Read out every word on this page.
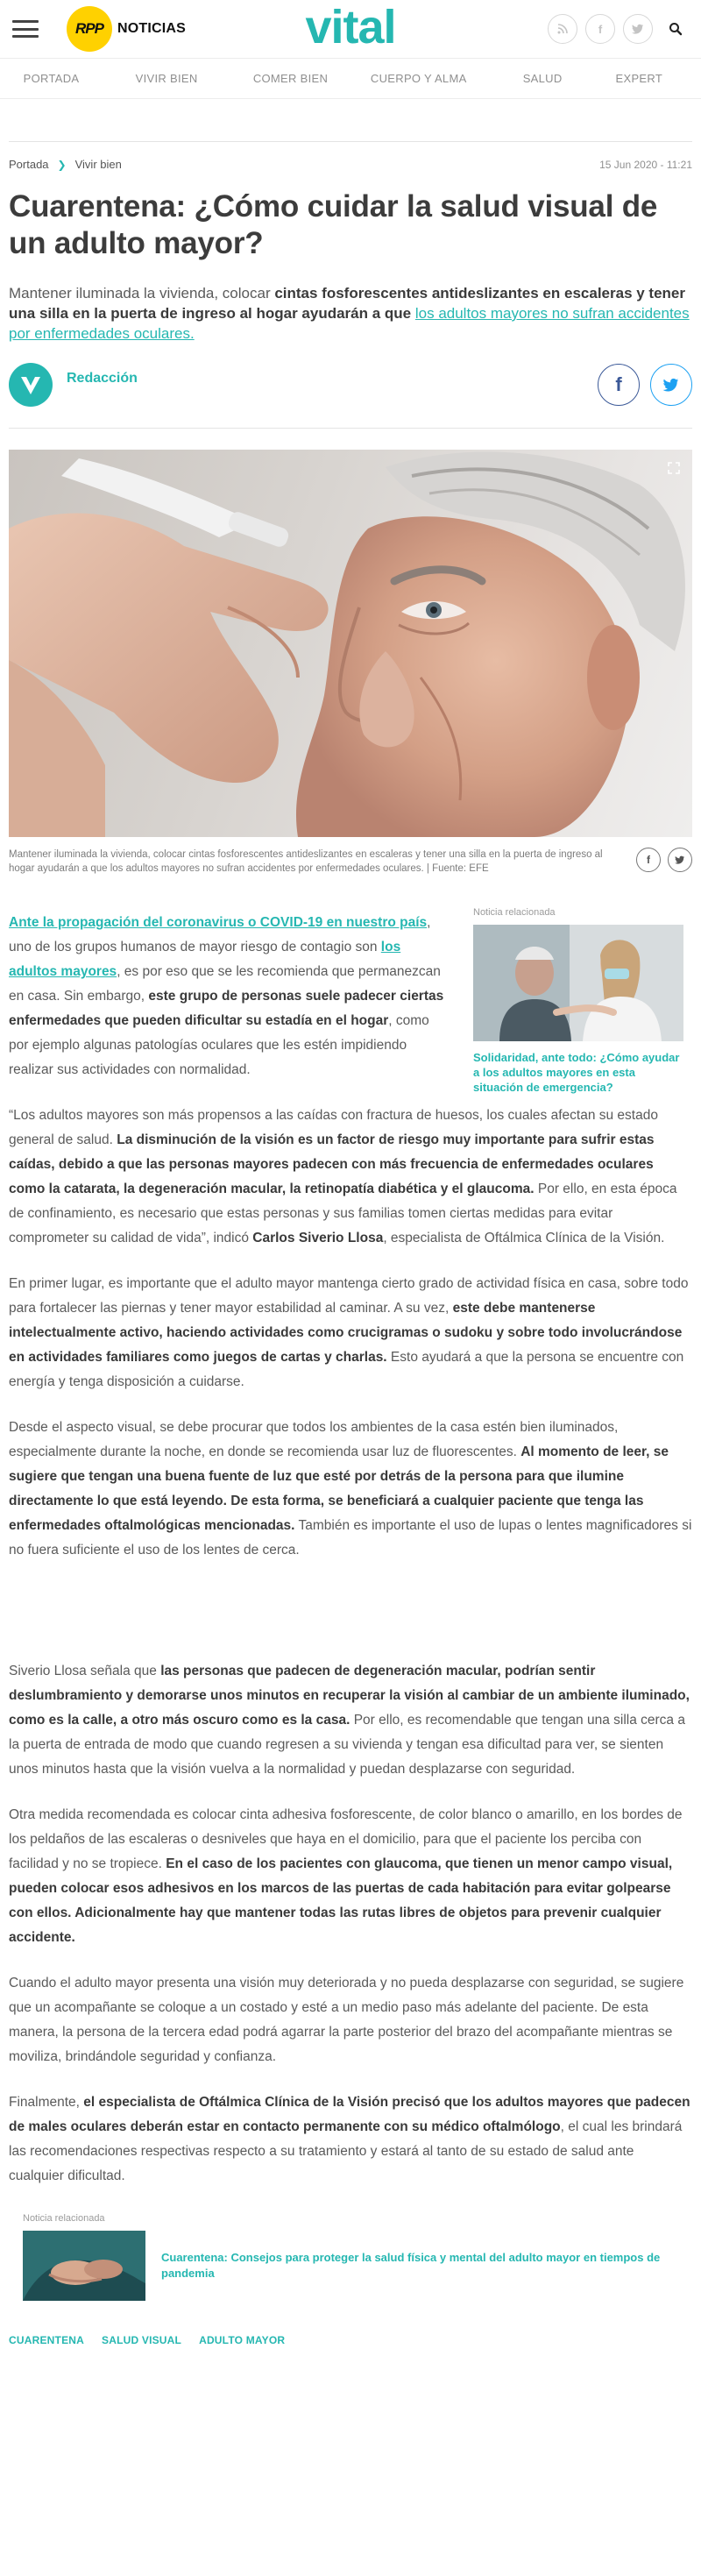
RPP	NOTICIAS	vital	f
PORTADA	VIVIR BIEN	COMER BIEN	CUERPO Y ALMA	SALUD	EXPERT
Portada ❯ Vivir bien	15 Jun 2020 - 11:21
Cuarentena: ¿Cómo cuidar la salud visual de un adulto mayor?

Mantener iluminada la vivienda, colocar cintas fosforescentes antideslizantes en escaleras y tener una silla en la puerta de ingreso al hogar ayudarán a que los adultos mayores no sufran accidentes por enfermedades oculares.

Redacción	f

Mantener iluminada la vivienda, colocar cintas fosforescentes antideslizantes en escaleras y tener una silla en la puerta de ingreso al hogar ayudarán a que los adultos mayores no sufran accidentes por enfermedades oculares. | Fuente: EFE

f
Noticia relacionada
Solidaridad, ante todo: ¿Cómo ayudar a los adultos mayores en esta situación de emergencia?

Ante la propagación del coronavirus o COVID-19 en nuestro país, uno de los grupos humanos de mayor riesgo de contagio son los adultos mayores, es por eso que se les recomienda que permanezcan en casa. Sin embargo, este grupo de personas suele padecer ciertas enfermedades que pueden dificultar su estadía en el hogar, como por ejemplo algunas patologías oculares que les estén impidiendo realizar sus actividades con normalidad.

“Los adultos mayores son más propensos a las caídas con fractura de huesos, los cuales afectan su estado general de salud. La disminución de la visión es un factor de riesgo muy importante para sufrir estas caídas, debido a que las personas mayores padecen con más frecuencia de enfermedades oculares como la catarata, la degeneración macular, la retinopatía diabética y el glaucoma. Por ello, en esta época de confinamiento, es necesario que estas personas y sus familias tomen ciertas medidas para evitar comprometer su calidad de vida”, indicó Carlos Siverio Llosa, especialista de Oftálmica Clínica de la Visión.

En primer lugar, es importante que el adulto mayor mantenga cierto grado de actividad física en casa, sobre todo para fortalecer las piernas y tener mayor estabilidad al caminar. A su vez, este debe mantenerse intelectualmente activo, haciendo actividades como crucigramas o sudoku y sobre todo involucrándose en actividades familiares como juegos de cartas y charlas. Esto ayudará a que la persona se encuentre con energía y tenga disposición a cuidarse.

Desde el aspecto visual, se debe procurar que todos los ambientes de la casa estén bien iluminados, especialmente durante la noche, en donde se recomienda usar luz de fluorescentes. Al momento de leer, se sugiere que tengan una buena fuente de luz que esté por detrás de la persona para que ilumine directamente lo que está leyendo. De esta forma, se beneficiará a cualquier paciente que tenga las enfermedades oftalmológicas mencionadas. También es importante el uso de lupas o lentes magnificadores si no fuera suficiente el uso de los lentes de cerca.

Siverio Llosa señala que las personas que padecen de degeneración macular, podrían sentir deslumbramiento y demorarse unos minutos en recuperar la visión al cambiar de un ambiente iluminado, como es la calle, a otro más oscuro como es la casa. Por ello, es recomendable que tengan una silla cerca a la puerta de entrada de modo que cuando regresen a su vivienda y tengan esa dificultad para ver, se sienten unos minutos hasta que la visión vuelva a la normalidad y puedan desplazarse con seguridad.

Otra medida recomendada es colocar cinta adhesiva fosforescente, de color blanco o amarillo, en los bordes de los peldaños de las escaleras o desniveles que haya en el domicilio, para que el paciente los perciba con facilidad y no se tropiece. En el caso de los pacientes con glaucoma, que tienen un menor campo visual, pueden colocar esos adhesivos en los marcos de las puertas de cada habitación para evitar golpearse con ellos. Adicionalmente hay que mantener todas las rutas libres de objetos para prevenir cualquier accidente.

Cuando el adulto mayor presenta una visión muy deteriorada y no pueda desplazarse con seguridad, se sugiere que un acompañante se coloque a un costado y esté a un medio paso más adelante del paciente. De esta manera, la persona de la tercera edad podrá agarrar la parte posterior del brazo del acompañante mientras se moviliza, brindándole seguridad y confianza.

Finalmente, el especialista de Oftálmica Clínica de la Visión precisó que los adultos mayores que padecen de males oculares deberán estar en contacto permanente con su médico oftalmólogo, el cual les brindará las recomendaciones respectivas respecto a su tratamiento y estará al tanto de su estado de salud ante cualquier dificultad.

Noticia relacionada
Cuarentena: Consejos para proteger la salud física y mental del adulto mayor en tiempos de pandemia
CUARENTENA SALUD VISUAL ADULTO MAYOR
